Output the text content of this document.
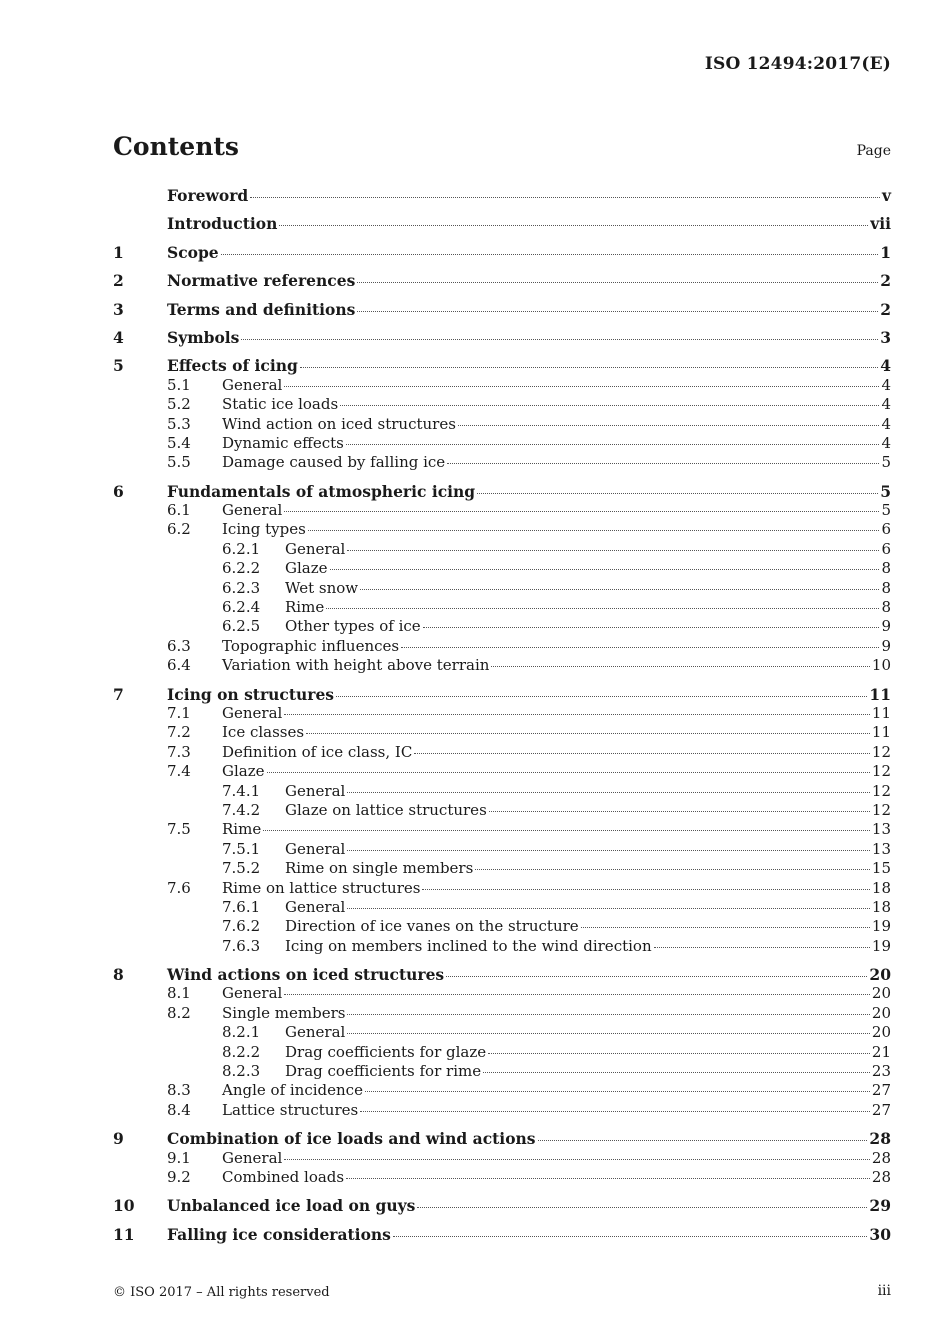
ISO 12494:2017(E)
Contents	Page
Foreword	v
Introduction	vii
1	Scope	1
2	Normative references	2
3	Terms and definitions	2
4	Symbols	3
5	Effects of icing	4
5.1	General	4
5.2	Static ice loads	4
5.3	Wind action on iced structures	4
5.4	Dynamic effects	4
5.5	Damage caused by falling ice	5
6	Fundamentals of atmospheric icing	5
6.1	General	5
6.2	Icing types	6
6.2.1	General	6
6.2.2	Glaze	8
6.2.3	Wet snow	8
6.2.4	Rime	8
6.2.5	Other types of ice	9
6.3	Topographic influences	9
6.4	Variation with height above terrain	10
7	Icing on structures	11
7.1	General	11
7.2	Ice classes	11
7.3	Definition of ice class, IC	12
7.4	Glaze	12
7.4.1	General	12
7.4.2	Glaze on lattice structures	12
7.5	Rime	13
7.5.1	General	13
7.5.2	Rime on single members	15
7.6	Rime on lattice structures	18
7.6.1	General	18
7.6.2	Direction of ice vanes on the structure	19
7.6.3	Icing on members inclined to the wind direction	19
8	Wind actions on iced structures	20
8.1	General	20
8.2	Single members	20
8.2.1	General	20
8.2.2	Drag coefficients for glaze	21
8.2.3	Drag coefficients for rime	23
8.3	Angle of incidence	27
8.4	Lattice structures	27
9	Combination of ice loads and wind actions	28
9.1	General	28
9.2	Combined loads	28
10	Unbalanced ice load on guys	29
11	Falling ice considerations	30
© ISO 2017 – All rights reserved	iii
